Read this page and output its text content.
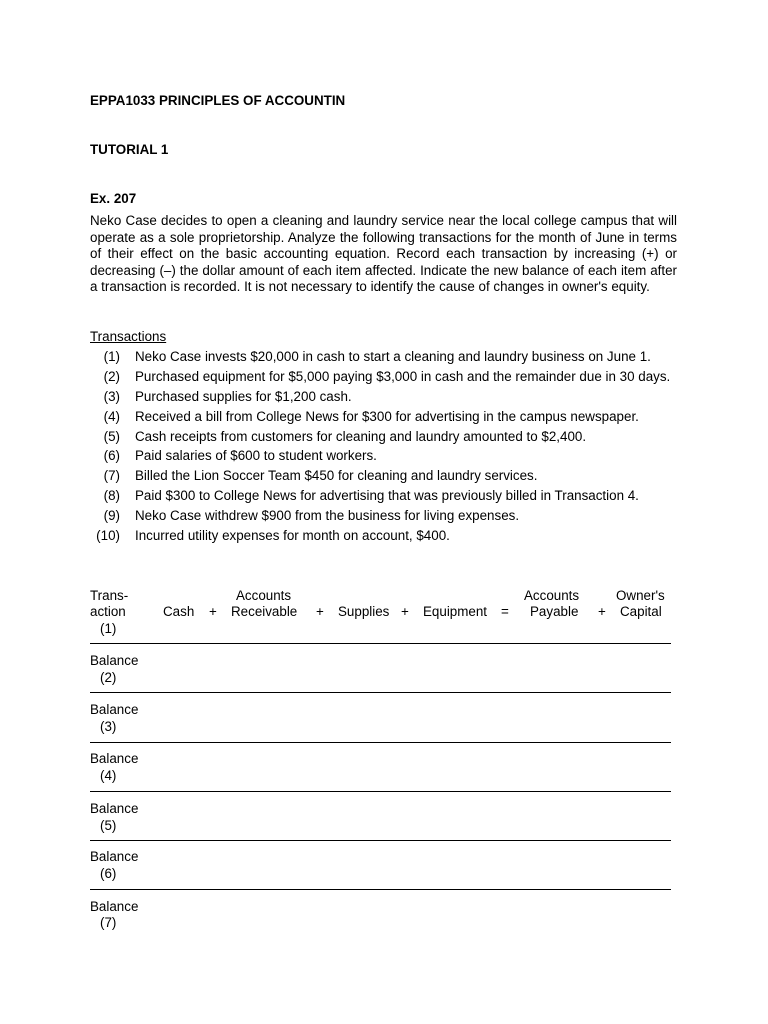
EPPA1033 PRINCIPLES OF ACCOUNTIN
TUTORIAL 1
Ex. 207

Neko Case decides to open a cleaning and laundry service near the local college campus that will operate as a sole proprietorship. Analyze the following transactions for the month of June in terms of their effect on the basic accounting equation. Record each transaction by increasing (+) or decreasing (–) the dollar amount of each item affected. Indicate the new balance of each item after a transaction is recorded. It is not necessary to identify the cause of changes in owner's equity.

Transactions
(1) Neko Case invests $20,000 in cash to start a cleaning and laundry business on June 1.
(2) Purchased equipment for $5,000 paying $3,000 in cash and the remainder due in 30 days.
(3) Purchased supplies for $1,200 cash.
(4) Received a bill from College News for $300 for advertising in the campus newspaper.
(5) Cash receipts from customers for cleaning and laundry amounted to $2,400.
(6) Paid salaries of $600 to student workers.
(7) Billed the Lion Soccer Team $450 for cleaning and laundry services.
(8) Paid $300 to College News for advertising that was previously billed in Transaction 4.
(9) Neko Case withdrew $900 from the business for living expenses.
(10) Incurred utility expenses for month on account, $400.
Trans-
action	Cash +
Accounts
Receivable + Supplies + Equipment =
Accounts
Payable +
Owner's
Capital
(1)
Balance
(2)
Balance
(3)
Balance
(4)
Balance
(5)
Balance
(6)
Balance
(7)
